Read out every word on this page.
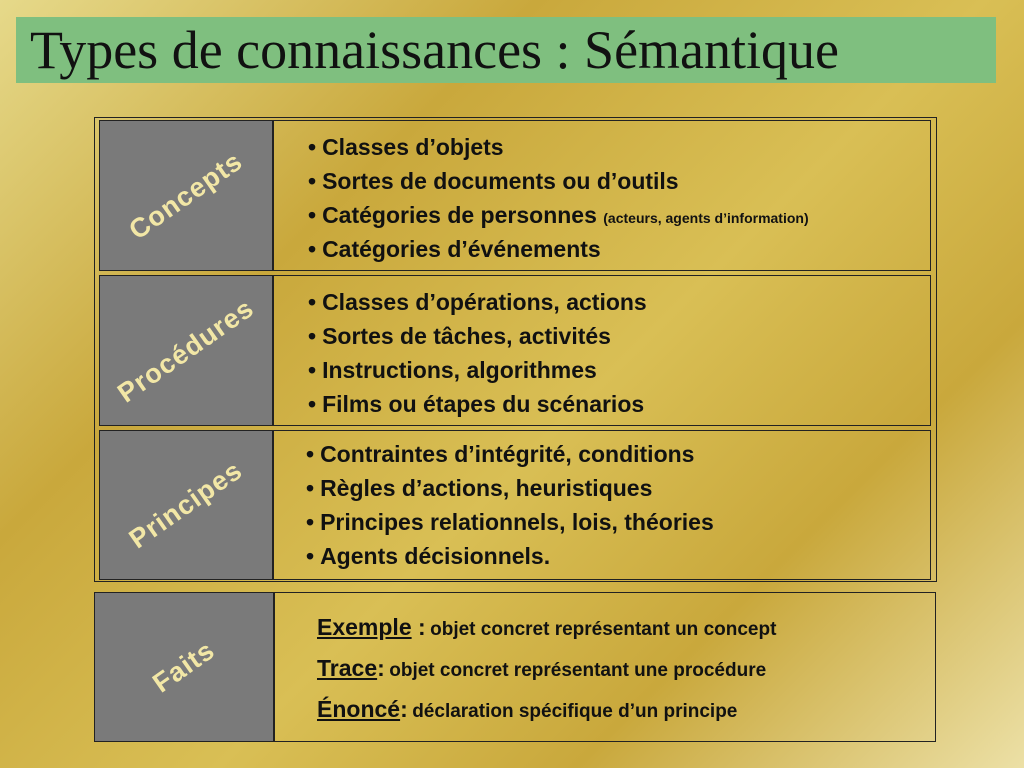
Types de connaissances : Sémantique
Concepts	• Classes d’objets
• Sortes de documents ou d’outils
• Catégories de personnes (acteurs, agents d’information)
• Catégories d’événements
Procédures • Classes d’opérations, actions
• Sortes de tâches, activités
• Instructions, algorithmes
• Films ou étapes du scénarios
Principes
• Contraintes d’intégrité, conditions
• Règles d’actions, heuristiques
• Principes relationnels, lois, théories
• Agents décisionnels.
Faits
Exemple : objet concret représentant un concept
Trace: objet concret représentant une procédure
Énoncé: déclaration spécifique d’un principe
